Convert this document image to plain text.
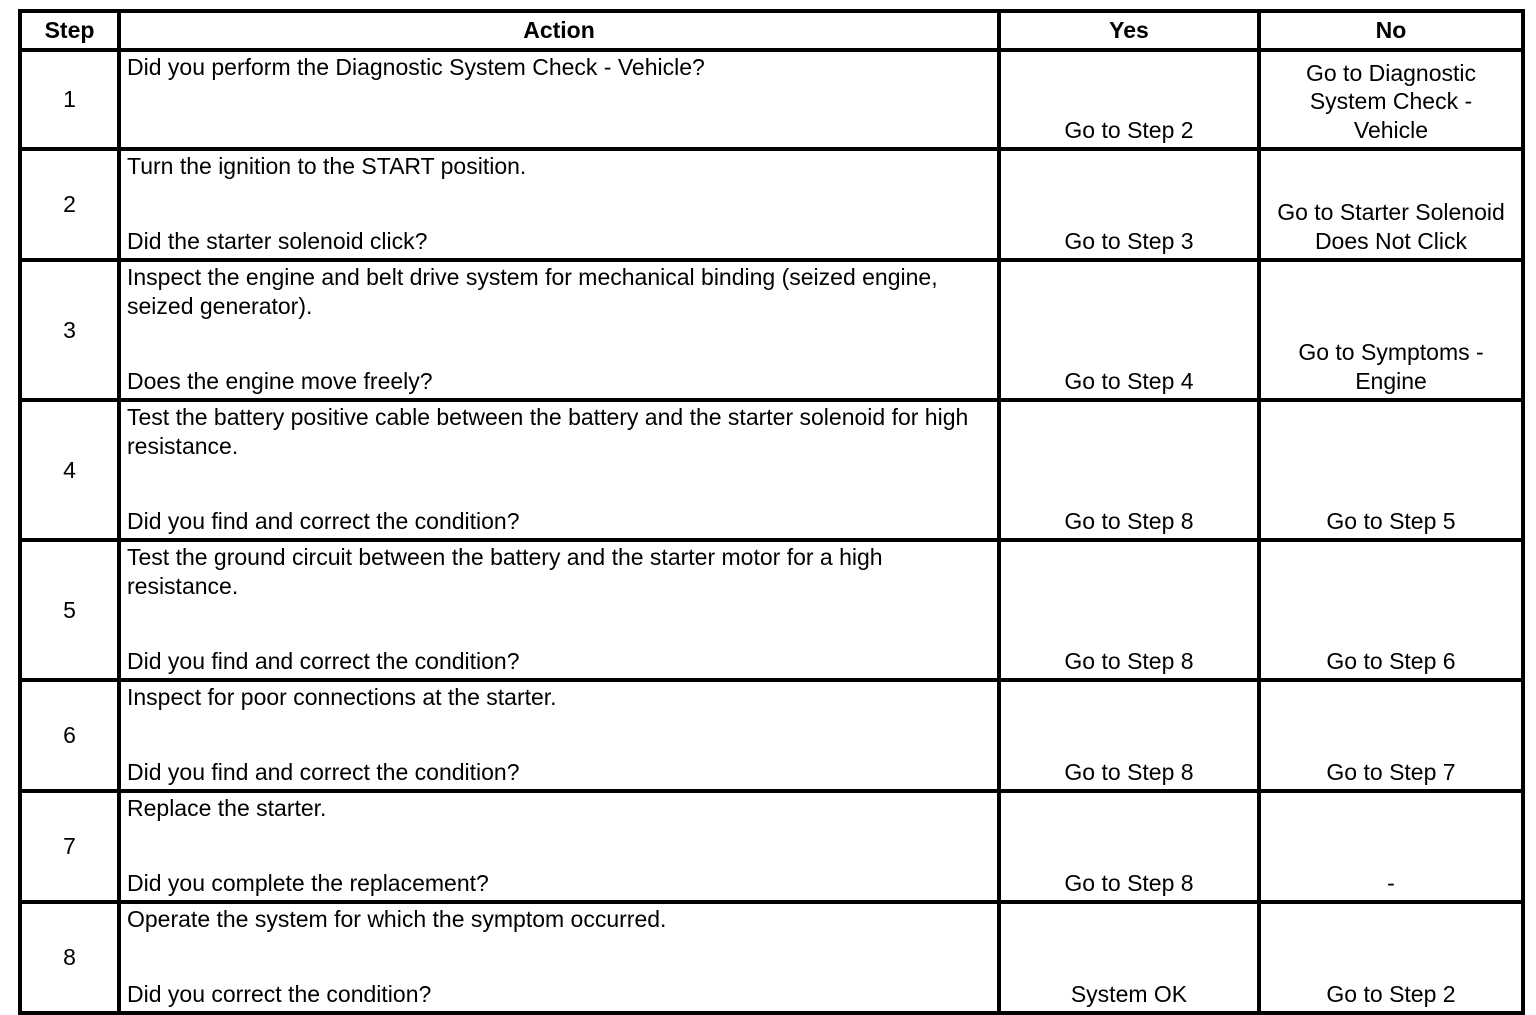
Step	Action	Yes	No
1	Did you perform the Diagnostic System Check - Vehicle?	Go to Step 2	Go to Diagnostic System Check - Vehicle
2	Turn the ignition to the START position.
Did the starter solenoid click?	Go to Step 3	Go to Starter Solenoid Does Not Click
3	Inspect the engine and belt drive system for mechanical binding (seized engine, seized generator).
Does the engine move freely?	Go to Step 4	Go to Symptoms - Engine
4	Test the battery positive cable between the battery and the starter solenoid for high resistance.
Did you find and correct the condition?	Go to Step 8	Go to Step 5
5	Test the ground circuit between the battery and the starter motor for a high resistance.
Did you find and correct the condition?	Go to Step 8	Go to Step 6
6	Inspect for poor connections at the starter.
Did you find and correct the condition?	Go to Step 8	Go to Step 7
7	Replace the starter.
Did you complete the replacement?	Go to Step 8	-
8	Operate the system for which the symptom occurred.
Did you correct the condition?	System OK	Go to Step 2
